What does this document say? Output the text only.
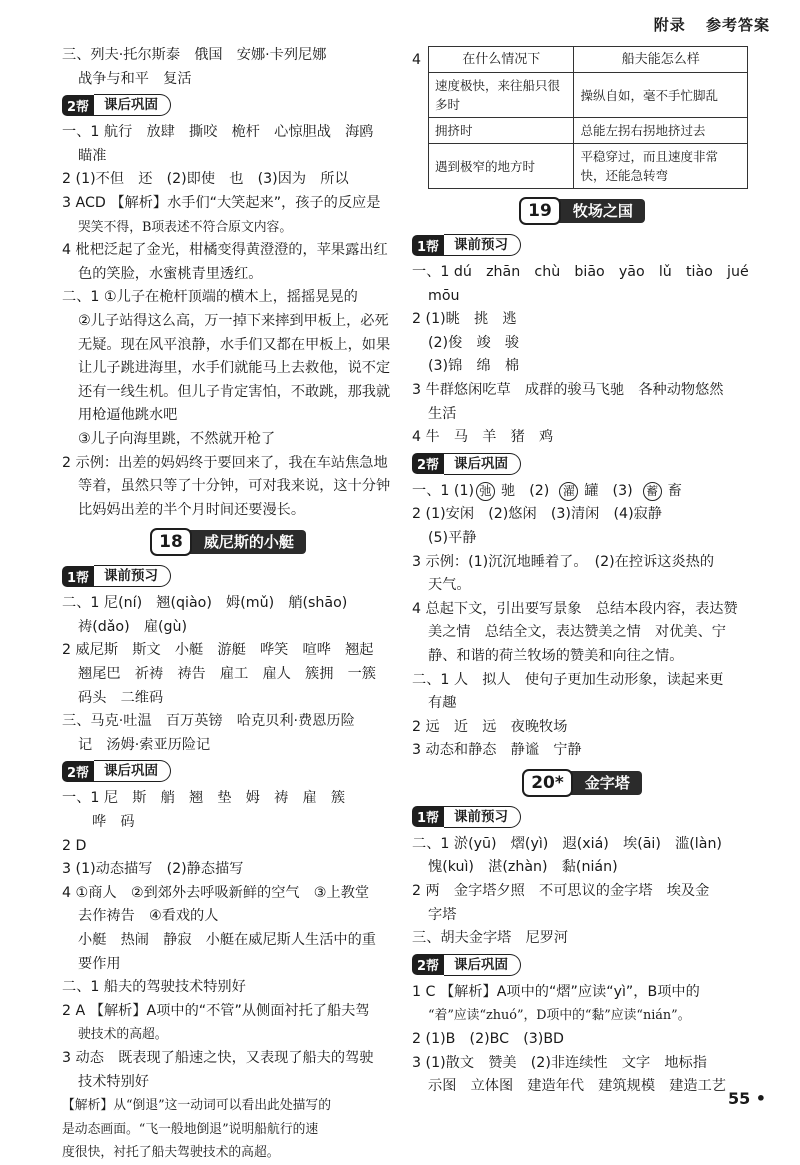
附录 参考答案
三、列夫·托尔斯泰　俄国　安娜·卡列尼娜
战争与和平　复活
2帮	课后巩固
一、1 航行　放肆　撕咬　桅杆　心惊胆战　海鸥
瞄准
2 (1)不但　还　(2)即使　也　(3)因为　所以
3 ACD 【解析】水手们“大笑起来”，孩子的反应是
哭笑不得，B项表述不符合原文内容。
4 枇杷泛起了金光，柑橘变得黄澄澄的，苹果露出红
色的笑脸，水蜜桃青里透红。
二、1 ①儿子在桅杆顶端的横木上，摇摇晃晃的
②儿子站得这么高，万一掉下来摔到甲板上，必死
无疑。现在风平浪静，水手们又都在甲板上，如果
让儿子跳进海里，水手们就能马上去救他，说不定
还有一线生机。但儿子肯定害怕，不敢跳，那我就
用枪逼他跳水吧
③儿子向海里跳，不然就开枪了
2 示例：出差的妈妈终于要回来了，我在车站焦急地
等着，虽然只等了十分钟，可对我来说，这十分钟
比妈妈出差的半个月时间还要漫长。
18	威尼斯的小艇
1帮	课前预习
二、1 尼(ní)　翘(qiào)　姆(mǔ)　艄(shāo)
祷(dǎo)　雇(gù)
2 威尼斯　斯文　小艇　游艇　哗笑　喧哗　翘起
翘尾巴　祈祷　祷告　雇工　雇人　簇拥　一簇
码头　二维码
三、马克·吐温　百万英镑　哈克贝利·费恩历险
记　汤姆·索亚历险记
2帮	课后巩固
一、1 尼　斯　艄　翘　垫　姆　祷　雇　簇
哗　码
2 D
3 (1)动态描写　(2)静态描写
4 ①商人　②到郊外去呼吸新鲜的空气　③上教堂
去作祷告　④看戏的人
小艇　热闹　静寂　小艇在威尼斯人生活中的重
要作用
二、1 船夫的驾驶技术特别好
2 A 【解析】A项中的“不管”从侧面衬托了船夫驾
驶技术的高超。
3 动态　既表现了船速之快，又表现了船夫的驾驶
技术特别好
【解析】从“倒退”这一动词可以看出此处描写的
是动态画面。“飞一般地倒退”说明船航行的速
度很快，衬托了船夫驾驶技术的高超。
4	在什么情况下	船夫能怎么样
速度极快，来往船只很多时	操纵自如，毫不手忙脚乱
拥挤时	总能左拐右拐地挤过去
遇到极窄的地方时	平稳穿过，而且速度非常快，还能急转弯
19	牧场之国
1帮	课前预习
一、1 dú　zhān　chù　biāo　yāo　lǔ　tiào　jué
mōu
2 (1)眺　挑　逃
(2)俊　竣　骏
(3)锦　绵　棉
3 牛群悠闲吃草　成群的骏马飞驰　各种动物悠然
生活
4 牛　马　羊　猪　鸡
2帮	课后巩固
一、1 (1) 弛 驰 (2) 濯 罐 (3) 蓄 畜
2 (1)安闲　(2)悠闲　(3)清闲　(4)寂静
(5)平静
3 示例：(1)沉沉地睡着了。　(2)在控诉这炎热的
天气。
4 总起下文，引出要写景象　总结本段内容，表达赞
美之情　总结全文，表达赞美之情　对优美、宁
静、和谐的荷兰牧场的赞美和向往之情。
二、1 人　拟人　使句子更加生动形象，读起来更
有趣
2 远　近　远　夜晚牧场
3 动态和静态　静谧　宁静
20*	金字塔
1帮	课前预习
二、1 淤(yū)　熠(yì)　遐(xiá)　埃(āi)　滥(làn)
愧(kuì)　湛(zhàn)　黏(nián)
2 两　金字塔夕照　不可思议的金字塔　埃及金
字塔
三、胡夫金字塔　尼罗河
2帮	课后巩固
1 C 【解析】A项中的“熠”应读“yì”，B项中的
“着”应读“zhuó”，D项中的“黏”应读“nián”。
2 (1)B　(2)BC　(3)BD
3 (1)散文　赞美　(2)非连续性　文字　地标指
示图　立体图　建造年代　建筑规模　建造工艺
55 •
